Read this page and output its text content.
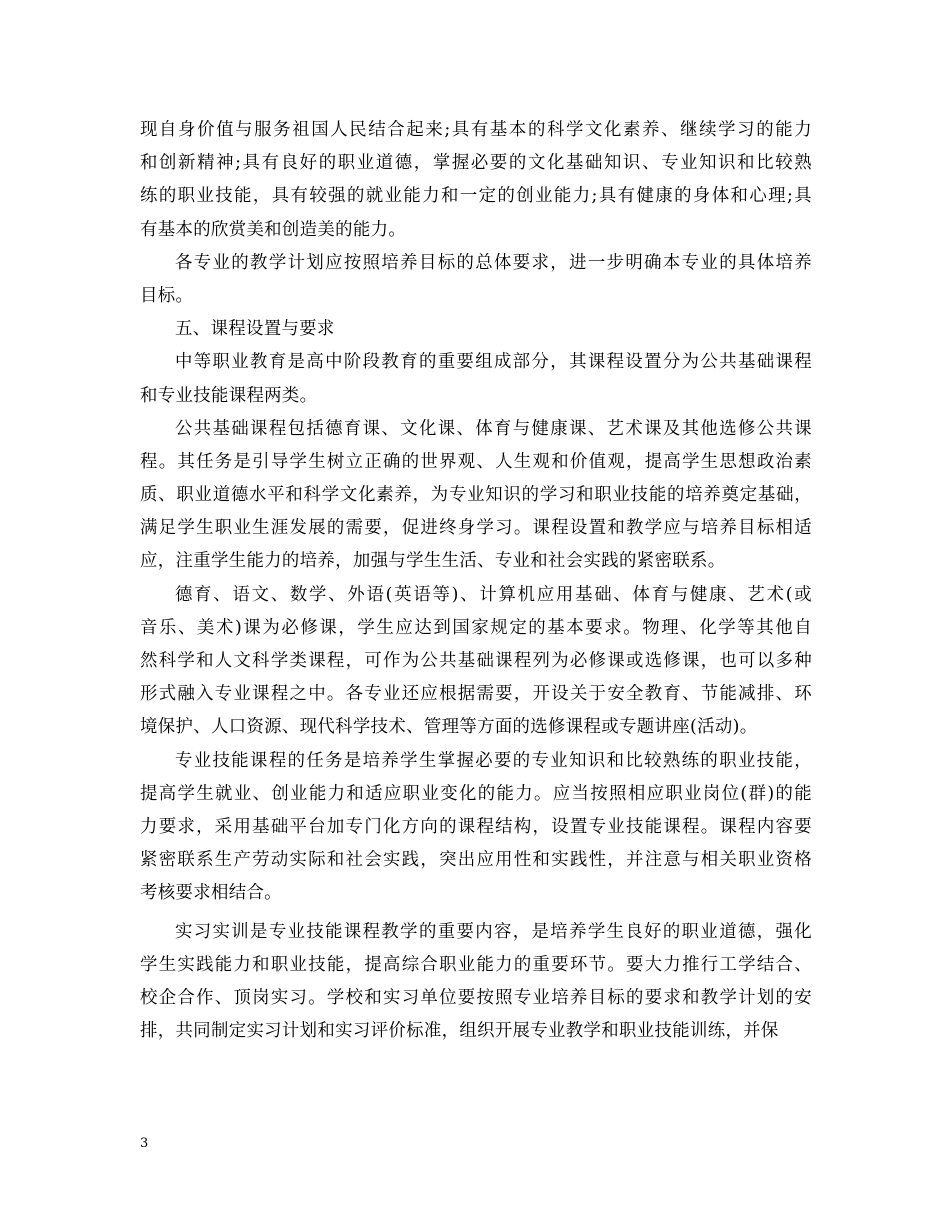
现自身价值与服务祖国人民结合起来;具有基本的科学文化素养、继续学习的能力
和创新精神;具有良好的职业道德，掌握必要的文化基础知识、专业知识和比较熟
练的职业技能，具有较强的就业能力和一定的创业能力;具有健康的身体和心理;具
有基本的欣赏美和创造美的能力。
各专业的教学计划应按照培养目标的总体要求，进一步明确本专业的具体培养
目标。
五、课程设置与要求
中等职业教育是高中阶段教育的重要组成部分，其课程设置分为公共基础课程
和专业技能课程两类。
公共基础课程包括德育课、文化课、体育与健康课、艺术课及其他选修公共课
程。其任务是引导学生树立正确的世界观、人生观和价值观，提高学生思想政治素
质、职业道德水平和科学文化素养，为专业知识的学习和职业技能的培养奠定基础，
满足学生职业生涯发展的需要，促进终身学习。课程设置和教学应与培养目标相适
应，注重学生能力的培养，加强与学生生活、专业和社会实践的紧密联系。
德育、语文、数学、外语(英语等)、计算机应用基础、体育与健康、艺术(或
音乐、美术)课为必修课，学生应达到国家规定的基本要求。物理、化学等其他自
然科学和人文科学类课程，可作为公共基础课程列为必修课或选修课，也可以多种
形式融入专业课程之中。各专业还应根据需要，开设关于安全教育、节能减排、环
境保护、人口资源、现代科学技术、管理等方面的选修课程或专题讲座(活动)。
专业技能课程的任务是培养学生掌握必要的专业知识和比较熟练的职业技能，
提高学生就业、创业能力和适应职业变化的能力。应当按照相应职业岗位(群)的能
力要求，采用基础平台加专门化方向的课程结构，设置专业技能课程。课程内容要
紧密联系生产劳动实际和社会实践，突出应用性和实践性，并注意与相关职业资格
考核要求相结合。
实习实训是专业技能课程教学的重要内容，是培养学生良好的职业道德，强化
学生实践能力和职业技能，提高综合职业能力的重要环节。要大力推行工学结合、
校企合作、顶岗实习。学校和实习单位要按照专业培养目标的要求和教学计划的安
排，共同制定实习计划和实习评价标准，组织开展专业教学和职业技能训练，并保
3
